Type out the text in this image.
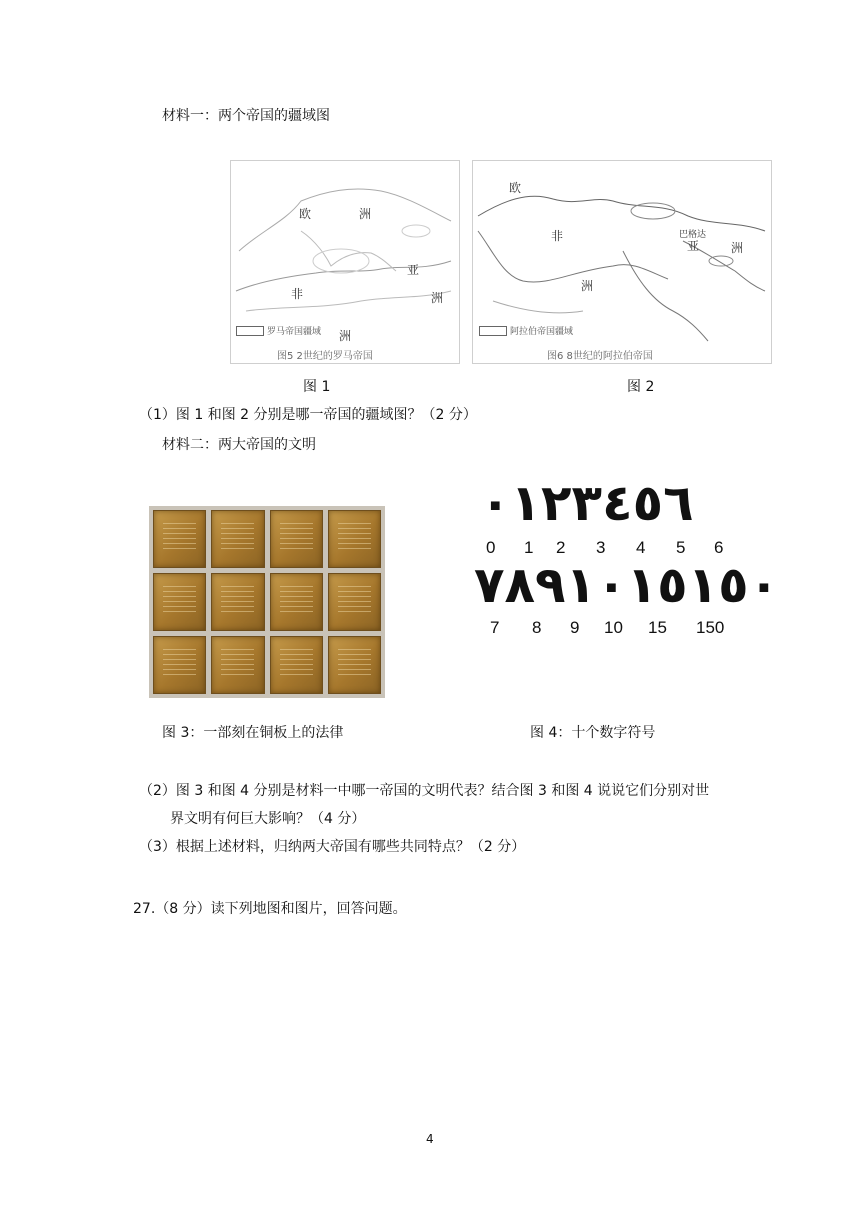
材料一：两个帝国的疆域图
欧	洲
亚
洲
非
洲
罗马帝国疆域
图5 2世纪的罗马帝国
欧
亚	洲
非
洲
巴格达
阿拉伯帝国疆域
图6 8世纪的阿拉伯帝国
图 1	图 2
（1）图 1 和图 2 分别是哪一帝国的疆域图？（2 分）
材料二：两大帝国的文明
٠١٢٣٤٥٦
0 1 2 3 4 5 6
٧٨٩١٠١٥١٥٠
7 8 9 10 15 150
图 3：一部刻在铜板上的法律	图 4：十个数字符号
（2）图 3 和图 4 分别是材料一中哪一帝国的文明代表？结合图 3 和图 4 说说它们分别对世
界文明有何巨大影响？（4 分）
（3）根据上述材料，归纳两大帝国有哪些共同特点？（2 分）
27.（8 分）读下列地图和图片，回答问题。
4
